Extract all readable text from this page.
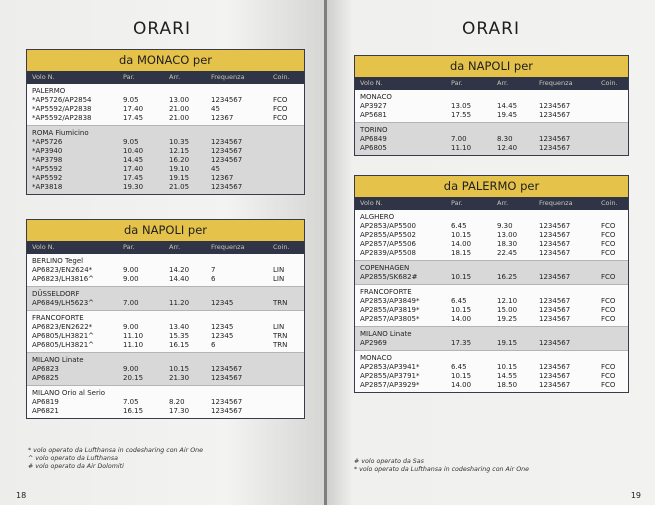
ORARI
da MONACO per
Volo N.	Par.	Arr.	Frequenza	Coin.
PALERMO
*AP5726/AP2854	9.05	13.00	1234567	FCO
*AP5592/AP2838	17.40	21.00	45	FCO
*AP5592/AP2838	17.45	21.00	12367	FCO
ROMA Fiumicino
*AP5726	9.05	10.35	1234567
*AP3940	10.40	12.15	1234567
*AP3798	14.45	16.20	1234567
*AP5592	17.40	19.10	45
*AP5592	17.45	19.15	12367
*AP3818	19.30	21.05	1234567
da NAPOLI per
Volo N.	Par.	Arr.	Frequenza	Coin.
BERLINO Tegel
AP6823/EN2624*	9.00	14.20	7	LIN
AP6823/LH3816^	9.00	14.40	6	LIN
DÜSSELDORF
AP6849/LH5623^	7.00	11.20	12345	TRN
FRANCOFORTE
AP6823/EN2622*	9.00	13.40	12345	LIN
AP6805/LH3821^	11.10	15.35	12345	TRN
AP6805/LH3821^	11.10	16.15	6	TRN
MILANO Linate
AP6823	9.00	10.15	1234567
AP6825	20.15	21.30	1234567
MILANO Orio al Serio
AP6819	7.05	8.20	1234567
AP6821	16.15	17.30	1234567
* volo operato da Lufthansa in codesharing con Air One
^ volo operato da Lufthansa
# volo operato da Air Dolomiti
18
ORARI
da NAPOLI per
Volo N.	Par.	Arr.	Frequenza	Coin.
MONACO
AP3927	13.05	14.45	1234567
AP5681	17.55	19.45	1234567
TORINO
AP6849	7.00	8.30	1234567
AP6805	11.10	12.40	1234567
da PALERMO per
Volo N.	Par.	Arr.	Frequenza	Coin.
ALGHERO
AP2853/AP5500	6.45	9.30	1234567	FCO
AP2855/AP5502	10.15	13.00	1234567	FCO
AP2857/AP5506	14.00	18.30	1234567	FCO
AP2839/AP5508	18.15	22.45	1234567	FCO
COPENHAGEN
AP2855/SK682#	10.15	16.25	1234567	FCO
FRANCOFORTE
AP2853/AP3849*	6.45	12.10	1234567	FCO
AP2855/AP3819*	10.15	15.00	1234567	FCO
AP2857/AP3805*	14.00	19.25	1234567	FCO
MILANO Linate
AP2969	17.35	19.15	1234567
MONACO
AP2853/AP3941*	6.45	10.15	1234567	FCO
AP2855/AP3791*	10.15	14.55	1234567	FCO
AP2857/AP3929*	14.00	18.50	1234567	FCO
# volo operato da Sas
* volo operato da Lufthansa in codesharing con Air One
19
